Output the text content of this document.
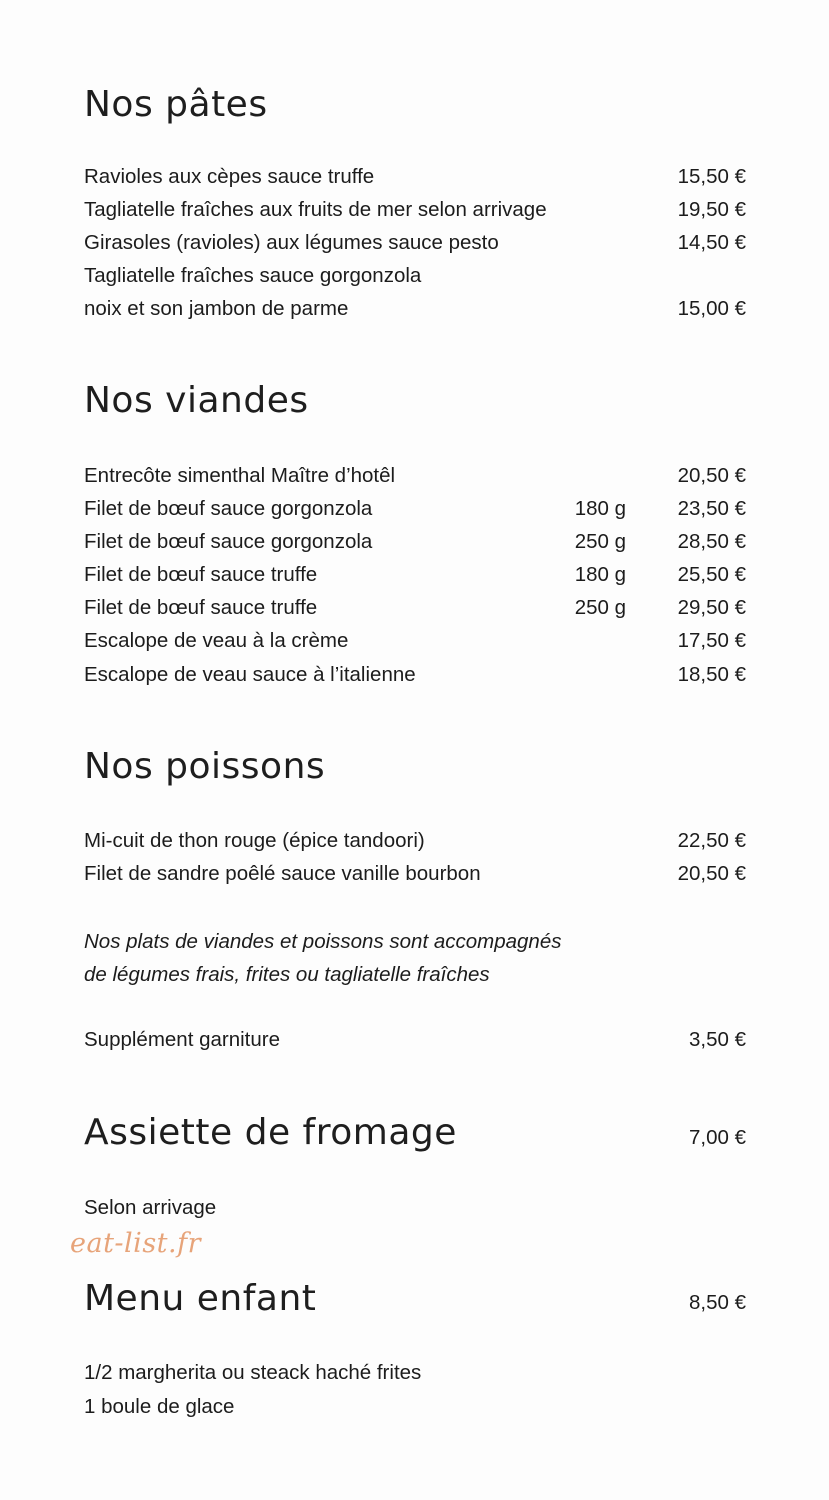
Nos pâtes
Ravioles aux cèpes sauce truffe	15,50 €
Tagliatelle fraîches aux fruits de mer selon arrivage	19,50 €
Girasoles (ravioles) aux légumes sauce pesto	14,50 €
Tagliatelle fraîches sauce gorgonzola
noix et son jambon de parme	15,00 €
Nos viandes
Entrecôte simenthal Maître d’hotêl	20,50 €
Filet de bœuf sauce gorgonzola	180 g	23,50 €
Filet de bœuf sauce gorgonzola	250 g	28,50 €
Filet de bœuf sauce truffe	180 g	25,50 €
Filet de bœuf sauce truffe	250 g	29,50 €
Escalope de veau à la crème	17,50 €
Escalope de veau sauce à l’italienne	18,50 €
Nos poissons
Mi-cuit de thon rouge (épice tandoori)	22,50 €
Filet de sandre poêlé sauce vanille bourbon	20,50 €
Nos plats de viandes et poissons sont accompagnés
de légumes frais, frites ou tagliatelle fraîches
Supplément garniture	3,50 €
Assiette de fromage	7,00 €
Selon arrivage
eat-list.fr
Menu enfant	8,50 €
1/2 margherita ou steack haché frites
1 boule de glace
